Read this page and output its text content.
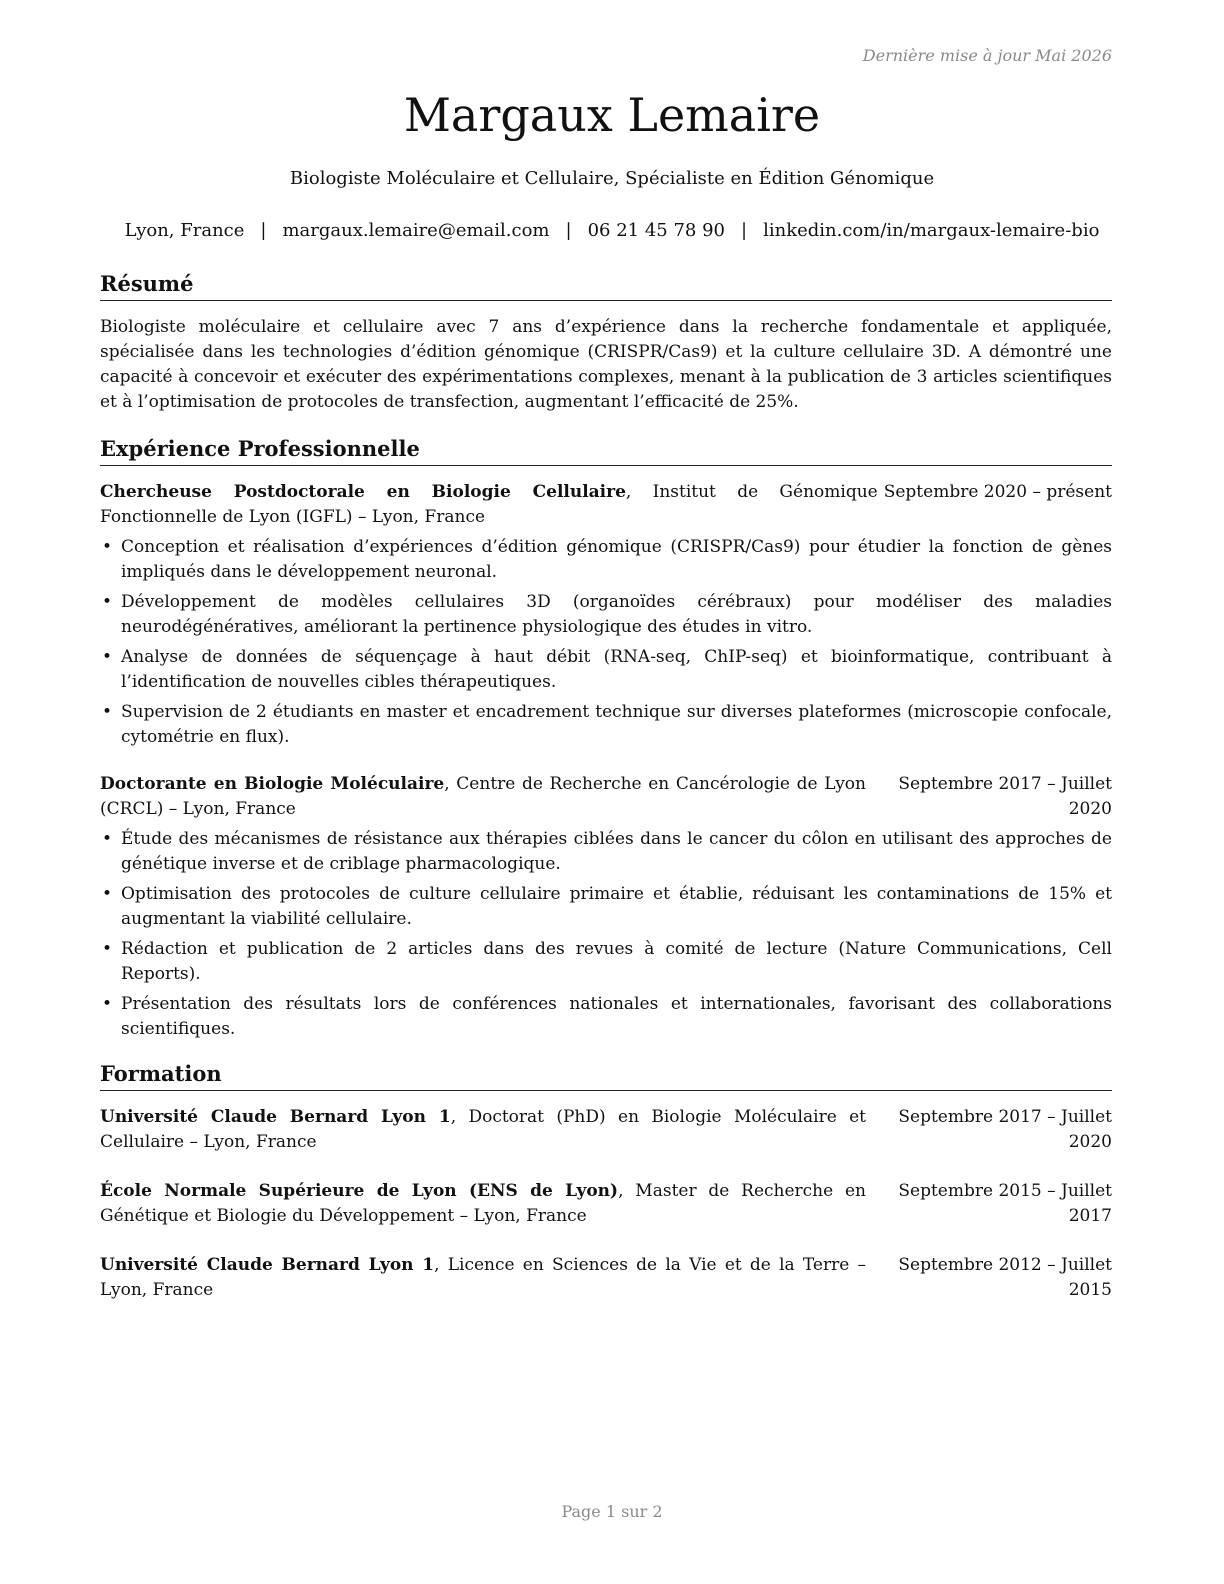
Dernière mise à jour Mai 2026
Margaux Lemaire

Biologiste Moléculaire et Cellulaire, Spécialiste en Édition Génomique

Lyon, France | margaux.lemaire@email.com | 06 21 45 78 90 | linkedin.com/in/margaux-lemaire-bio
Résumé

Biologiste moléculaire et cellulaire avec 7 ans d’expérience dans la recherche fondamentale et appliquée, spécialisée dans les technologies d’édition génomique (CRISPR/Cas9) et la culture cellulaire 3D. A démontré une capacité à concevoir et exécuter des expérimentations complexes, menant à la publication de 3 articles scientifiques et à l’optimisation de protocoles de transfection, augmentant l’efficacité de 25%.

Expérience Professionnelle
Chercheuse Postdoctorale en Biologie Cellulaire, Institut de Génomique Fonctionnelle de Lyon (IGFL) – Lyon, France
Septembre 2020 – présent
• Conception et réalisation d’expériences d’édition génomique (CRISPR/Cas9) pour étudier la fonction de gènes impliqués dans le développement neuronal.
• Développement de modèles cellulaires 3D (organoïdes cérébraux) pour modéliser des maladies neurodégénératives, améliorant la pertinence physiologique des études in vitro.
• Analyse de données de séquençage à haut débit (RNA-seq, ChIP-seq) et bioinformatique, contribuant à l’identification de nouvelles cibles thérapeutiques.
• Supervision de 2 étudiants en master et encadrement technique sur diverses plateformes (microscopie confocale, cytométrie en flux).
Doctorante en Biologie Moléculaire, Centre de Recherche en Cancérologie de Lyon (CRCL) – Lyon, France
Septembre 2017 – Juillet 2020
• Étude des mécanismes de résistance aux thérapies ciblées dans le cancer du côlon en utilisant des approches de génétique inverse et de criblage pharmacologique.
• Optimisation des protocoles de culture cellulaire primaire et établie, réduisant les contaminations de 15% et augmentant la viabilité cellulaire.
• Rédaction et publication de 2 articles dans des revues à comité de lecture (Nature Communications, Cell Reports).
• Présentation des résultats lors de conférences nationales et internationales, favorisant des collaborations scientifiques.
Formation
Université Claude Bernard Lyon 1, Doctorat (PhD) en Biologie Moléculaire et Cellulaire – Lyon, France
Septembre 2017 – Juillet 2020
École Normale Supérieure de Lyon (ENS de Lyon), Master de Recherche en Génétique et Biologie du Développement – Lyon, France
Septembre 2015 – Juillet 2017
Université Claude Bernard Lyon 1, Licence en Sciences de la Vie et de la Terre – Lyon, France
Septembre 2012 – Juillet 2015
Page 1 sur 2
